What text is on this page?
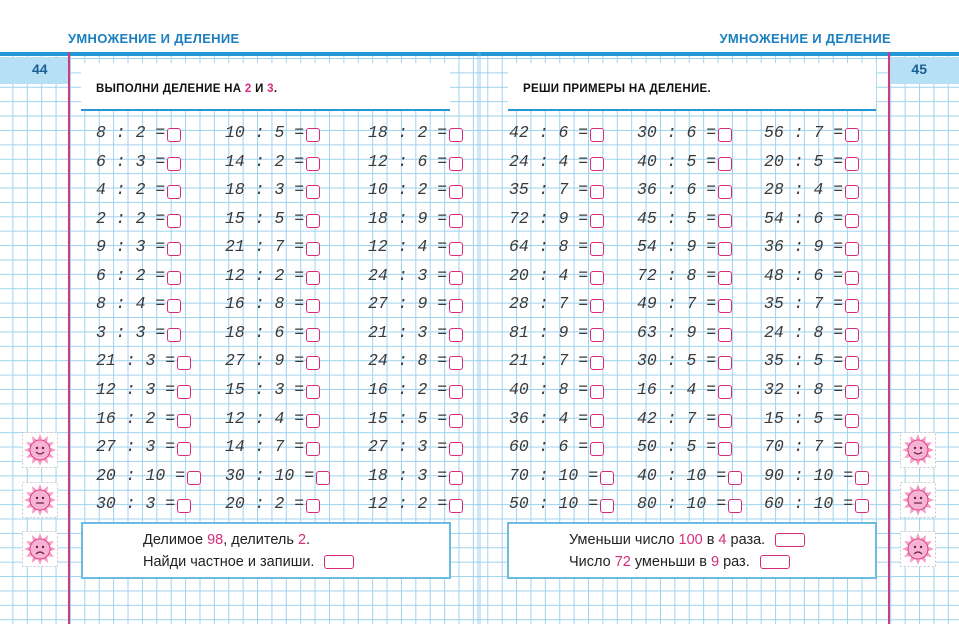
УМНОЖЕНИЕ И ДЕЛЕНИЕ	УМНОЖЕНИЕ И ДЕЛЕНИЕ
44	45
ВЫПОЛНИ ДЕЛЕНИЕ НА 2 И 3.	РЕШИ ПРИМЕРЫ НА ДЕЛЕНИЕ.
8 : 2 =
6 : 3 =
4 : 2 =
2 : 2 =
9 : 3 =
6 : 2 =
8 : 4 =
3 : 3 =
21 : 3 =
12 : 3 =
16 : 2 =
27 : 3 =
20 : 10 =
30 : 3 =
10 : 5 =
14 : 2 =
18 : 3 =
15 : 5 =
21 : 7 =
12 : 2 =
16 : 8 =
18 : 6 =
27 : 9 =
15 : 3 =
12 : 4 =
14 : 7 =
30 : 10 =
20 : 2 =
18 : 2 =
12 : 6 =
10 : 2 =
18 : 9 =
12 : 4 =
24 : 3 =
27 : 9 =
21 : 3 =
24 : 8 =
16 : 2 =
15 : 5 =
27 : 3 =
18 : 3 =
12 : 2 =
42 : 6 =
24 : 4 =
35 : 7 =
72 : 9 =
64 : 8 =
20 : 4 =
28 : 7 =
81 : 9 =
21 : 7 =
40 : 8 =
36 : 4 =
60 : 6 =
70 : 10 =
50 : 10 =
30 : 6 =
40 : 5 =
36 : 6 =
45 : 5 =
54 : 9 =
72 : 8 =
49 : 7 =
63 : 9 =
30 : 5 =
16 : 4 =
42 : 7 =
50 : 5 =
40 : 10 =
80 : 10 =
56 : 7 =
20 : 5 =
28 : 4 =
54 : 6 =
36 : 9 =
48 : 6 =
35 : 7 =
24 : 8 =
35 : 5 =
32 : 8 =
15 : 5 =
70 : 7 =
90 : 10 =
60 : 10 =
Делимое 98 , делитель 2 .
Найди частное и запиши.
Уменьши число 100 в 4 раза.
Число 72 уменьши в 9 раз.
